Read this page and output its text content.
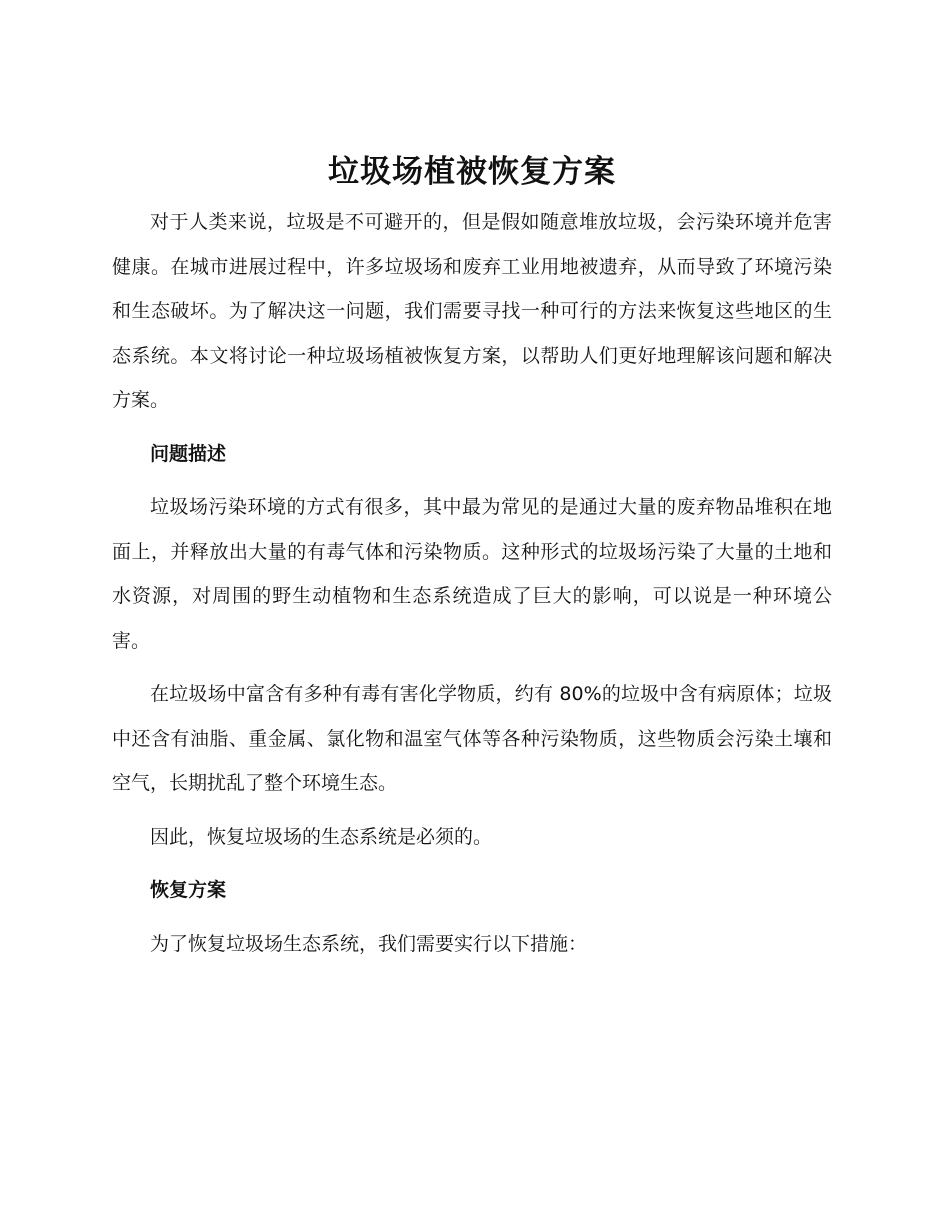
垃圾场植被恢复方案

对于人类来说，垃圾是不可避开的，但是假如随意堆放垃圾，会污染环境并危害健康。在城市进展过程中，许多垃圾场和废弃工业用地被遗弃，从而导致了环境污染和生态破坏。为了解决这一问题，我们需要寻找一种可行的方法来恢复这些地区的生态系统。本文将讨论一种垃圾场植被恢复方案，以帮助人们更好地理解该问题和解决方案。

问题描述

垃圾场污染环境的方式有很多，其中最为常见的是通过大量的废弃物品堆积在地面上，并释放出大量的有毒气体和污染物质。这种形式的垃圾场污染了大量的土地和水资源，对周围的野生动植物和生态系统造成了巨大的影响，可以说是一种环境公害。

在垃圾场中富含有多种有毒有害化学物质，约有 80%的垃圾中含有病原体；垃圾中还含有油脂、重金属、氯化物和温室气体等各种污染物质，这些物质会污染土壤和空气，长期扰乱了整个环境生态。

因此，恢复垃圾场的生态系统是必须的。

恢复方案

为了恢复垃圾场生态系统，我们需要实行以下措施：
